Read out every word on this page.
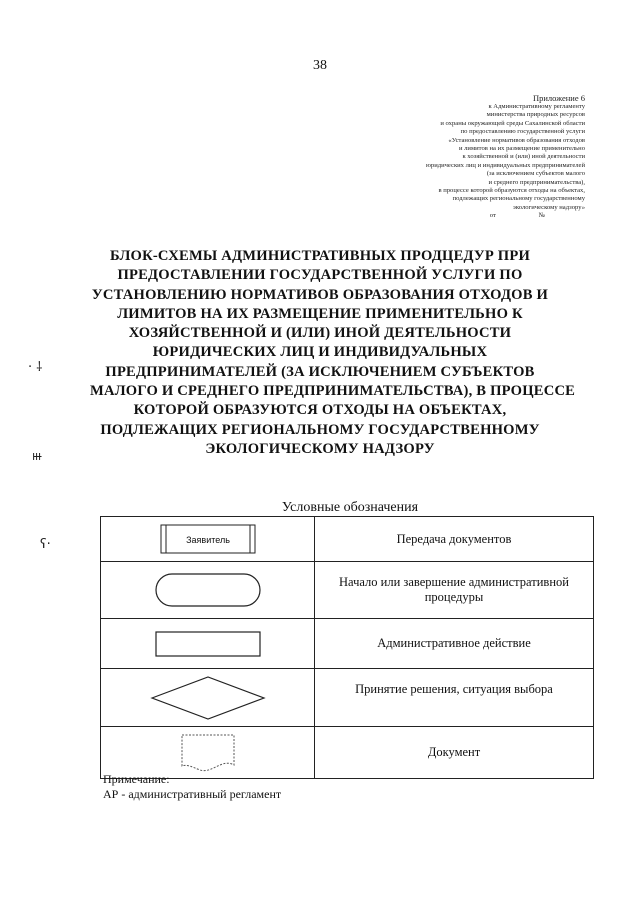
38
Приложение 6
к Административному регламенту
министерства природных ресурсов
и охраны окружающей среды Сахалинской области
по предоставлению государственной услуги
«Установление нормативов образования отходов
и лимитов на их размещение применительно
к хозяйственной и (или) иной деятельности
юридических лиц и индивидуальных предпринимателей
(за исключением субъектов малого
и среднего предпринимательства),
в процессе которой образуются отходы на объектах,
подлежащих региональному государственному
экологическому надзору»
от                          №
· ⸸
ⲿ
ʕ·
БЛОК-СХЕМЫ АДМИНИСТРАТИВНЫХ ПРОДЦЕДУР ПРИ
ПРЕДОСТАВЛЕНИИ ГОСУДАРСТВЕННОЙ УСЛУГИ ПО
УСТАНОВЛЕНИЮ НОРМАТИВОВ ОБРАЗОВАНИЯ ОТХОДОВ И
ЛИМИТОВ НА ИХ РАЗМЕЩЕНИЕ ПРИМЕНИТЕЛЬНО К
ХОЗЯЙСТВЕННОЙ И (ИЛИ) ИНОЙ ДЕЯТЕЛЬНОСТИ
ЮРИДИЧЕСКИХ ЛИЦ И ИНДИВИДУАЛЬНЫХ
ПРЕДПРИНИМАТЕЛЕЙ (ЗА ИСКЛЮЧЕНИЕМ СУБЪЕКТОВ
МАЛОГО И СРЕДНЕГО ПРЕДПРИНИМАТЕЛЬСТВА), В ПРОЦЕССЕ
КОТОРОЙ ОБРАЗУЮТСЯ ОТХОДЫ НА ОБЪЕКТАХ,
ПОДЛЕЖАЩИХ РЕГИОНАЛЬНОМУ ГОСУДАРСТВЕННОМУ
ЭКОЛОГИЧЕСКОМУ НАДЗОРУ
Условные обозначения
Заявитель	Передача документов

	Начало или завершение административной процедуры

	Административное действие

	Принятие решения, ситуация выбора

	Документ
Примечание:
АР - административный регламент
